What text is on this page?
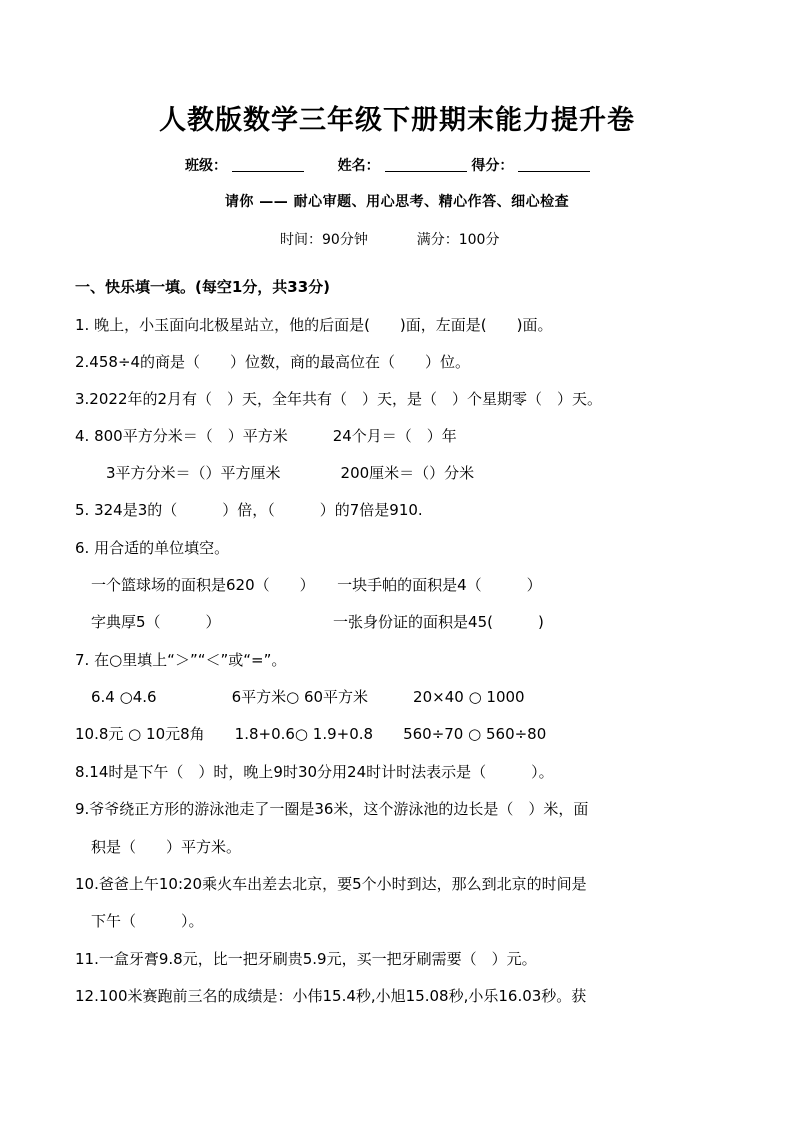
人教版数学三年级下册期末能力提升卷
班级：	姓名：	得分：
请你 —— 耐心审题、用心思考、精心作答、细心检查
时间：90分钟	满分：100分
一、快乐填一填。(每空1分，共33分)
1. 晚上，小玉面向北极星站立，他的后面是(　　)面，左面是(　　)面。
2.458÷4的商是（　　）位数，商的最高位在（　　）位。
3.2022年的2月有（　）天，全年共有（　）天，是（　）个星期零（　）天。
4. 800平方分米＝（　）平方米　　　24个月＝（　）年
　3平方分米＝（）平方厘米　　　　200厘米＝（）分米
5. 324是3的（　　　）倍，（　　　）的7倍是910.
6. 用合适的单位填空。
一个篮球场的面积是620（　　）　　一块手帕的面积是4（　　　）
字典厚5（　　　）　　　　　　　　一张身份证的面积是45(　　　)
7. 在○里填上“＞”“＜”或“=”。
6.4 ○4.6　　　　　6平方米○ 60平方米　　　20×40 ○ 1000
10.8元 ○ 10元8角　　1.8+0.6○ 1.9+0.8　　560÷70 ○ 560÷80
8.14时是下午（　）时，晚上9时30分用24时计时法表示是（　　　）。
9.爷爷绕正方形的游泳池走了一圈是36米，这个游泳池的边长是（　）米，面
积是（　　）平方米。
10.爸爸上午10:20乘火车出差去北京，要5个小时到达，那么到北京的时间是
下午（　　　）。
11.一盒牙膏9.8元，比一把牙刷贵5.9元，买一把牙刷需要（　）元。
12.100米赛跑前三名的成绩是：小伟15.4秒,小旭15.08秒,小乐16.03秒。获
